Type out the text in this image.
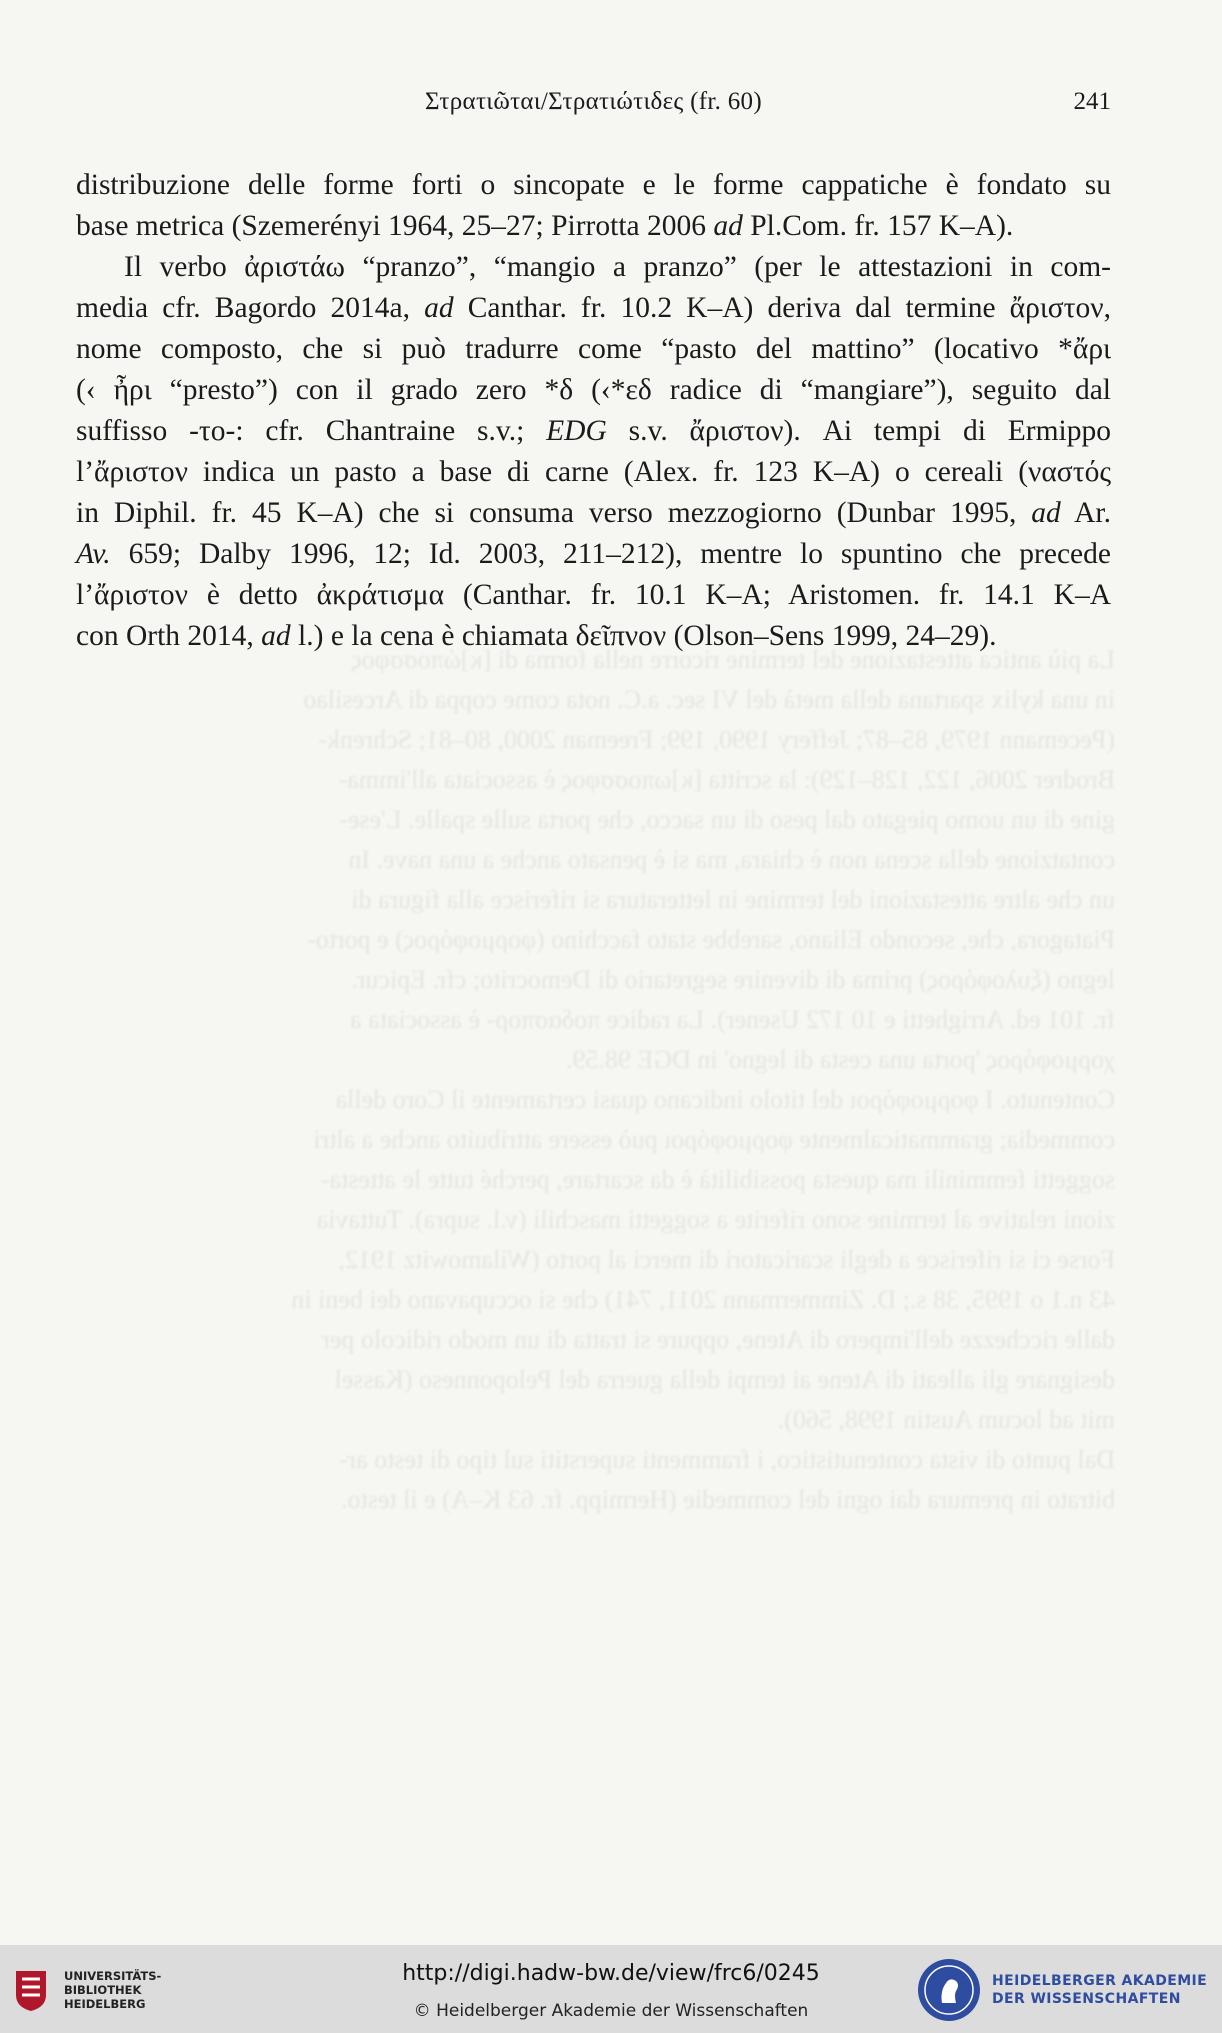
Στρατιῶται/Στρατιώτιδες (fr. 60)	241
distribuzione delle forme forti o sincopate e le forme cappatiche è fondato su
base metrica (Szemerényi 1964, 25–27; Pirrotta 2006 ad Pl.Com. fr. 157 K–A).
Il verbo ἀριστάω “pranzo”, “mangio a pranzo” (per le attestazioni in com-
media cfr. Bagordo 2014a, ad Canthar. fr. 10.2 K–A) deriva dal termine ἄριστον,
nome composto, che si può tradurre come “pasto del mattino” (locativo *ἄρι
(‹ ἦρι “presto”) con il grado zero *δ (‹*εδ radice di “mangiare”), seguito dal
suffisso -το-: cfr. Chantraine s.v.; EDG s.v. ἄριστον). Ai tempi di Ermippo
l’ἄριστον indica un pasto a base di carne (Alex. fr. 123 K–A) o cereali (ναστός
in Diphil. fr. 45 K–A) che si consuma verso mezzogiorno (Dunbar 1995, ad Ar.
Av. 659; Dalby 1996, 12; Id. 2003, 211–212), mentre lo spuntino che precede
l’ἄριστον è detto ἀκράτισμα (Canthar. fr. 10.1 K–A; Aristomen. fr. 14.1 K–A
con Orth 2014, ad l.) e la cena è chiamata δεῖπνον (Olson–Sens 1999, 24–29).
La più antica attestazione del termine ricorre nella forma di [κ]ώποσσφος
in una kylix spartana della metà del VI sec. a.C. nota come coppa di Arcesilao
(Pecemann 1979, 85–87; Jeffery 1990, 199; Freeman 2000, 80–81; Schrenk-
Brodrer 2006, 122, 128–129): la scritta [κ]ωποσσφος è associata all'imma-
gine di un uomo piegato dal peso di un sacco, che porta sulle spalle. L'ese-
contatzione della scena non è chiara, ma si è pensato anche a una nave. In
un che altre attestazioni del termine in letteratura si riferisce alla figura di
Piatagora, che, secondo Eliano, sarebbe stato facchino (φορμοφόρος) e porto-
legno (ξυλοφόρος) prima di divenire segretario di Democrito; cfr. Epicur.
fr. 101 ed. Arrighetti e 10 172 Usener). La radice ποδασπορ- è associata a
χορμοφόρος 'porta una cesta di legno' in DGE 98.59.
Contenuto. I φορμοφόροι del titolo indicano quasi certamente il Coro della
commedia; grammaticalmente φορμοφόροι può essere attribuito anche a altri
soggetti femminili ma questa possibilità è da scartare, perché tutte le attesta-
zioni relative al termine sono riferite a soggetti maschili (v.l. supra). Tuttavia
Forse ci si riferisce a degli scaricatori di merci al porto (Wilamowitz 1912,
43 n.1 o 1995, 38 s.; D. Zimmermann 2011, 741) che si occupavano dei beni in
dalle ricchezze dell'impero di Atene, oppure si tratta di un modo ridicolo per
designare gli alleati di Atene ai tempi della guerra del Peloponneso (Kassel
mit ad locum Austin 1998, 560).
Dal punto di vista contenutistico, i frammenti superstiti sul tipo di testo ar-
bitrato in premura dai ogni del commedie (Hermipp. fr. 63 K–A) e il testo.
UNIVERSITÄTS-
BIBLIOTHEK
HEIDELBERG
http://digi.hadw-bw.de/view/frc6/0245
© Heidelberger Akademie der Wissenschaften
HEIDELBERGER AKADEMIE
DER WISSENSCHAFTEN
